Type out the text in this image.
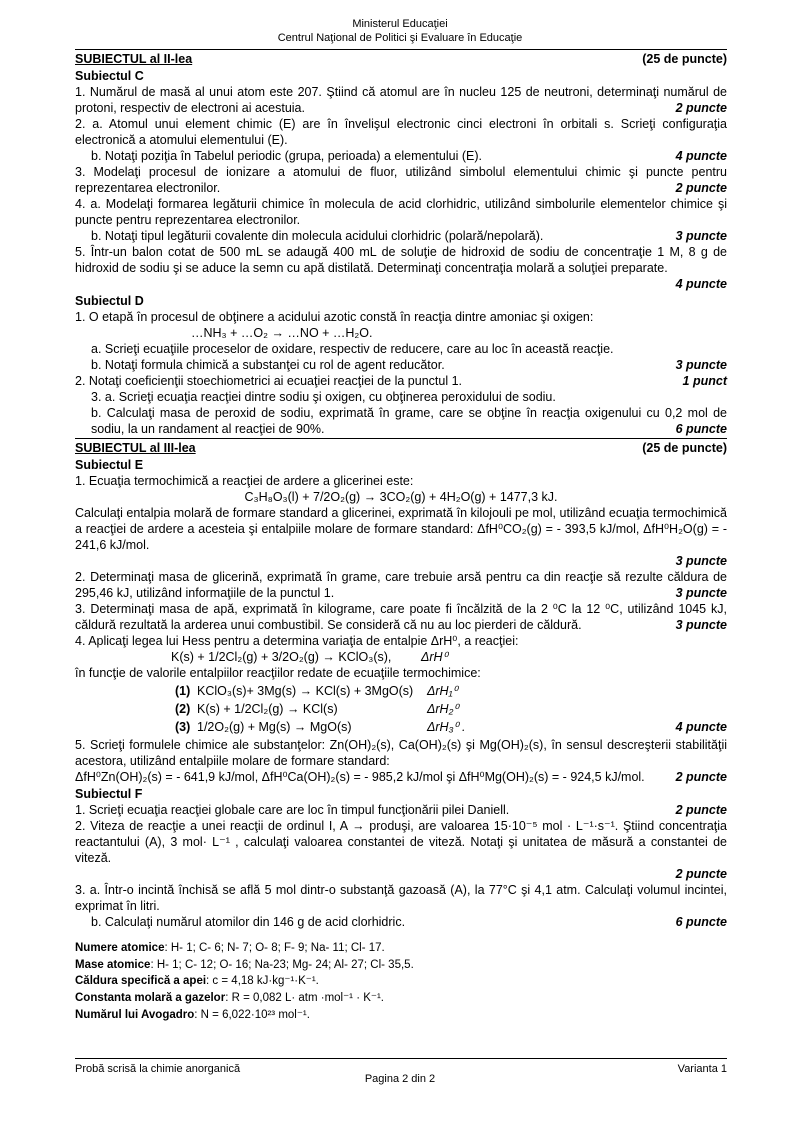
Ministerul Educaţiei
Centrul Naţional de Politici şi Evaluare în Educaţie
SUBIECTUL al II-lea	(25 de puncte)
Subiectul C

1. Numărul de masă al unui atom este 207. Ştiind că atomul are în nucleu 125 de neutroni, determinaţi numărul de protoni, respectiv de electroni ai acestuia.	2 puncte

2. a. Atomul unui element chimic (E) are în învelişul electronic cinci electroni în orbitali s. Scrieţi configuraţia electronică a atomului elementului (E).

b. Notaţi poziţia în Tabelul periodic (grupa, perioada) a elementului (E).	4 puncte

3. Modelaţi procesul de ionizare a atomului de fluor, utilizând simbolul elementului chimic şi puncte pentru reprezentarea electronilor.	2 puncte

4. a. Modelaţi formarea legăturii chimice în molecula de acid clorhidric, utilizând simbolurile elementelor chimice şi puncte pentru reprezentarea electronilor.

b. Notaţi tipul legăturii covalente din molecula acidului clorhidric (polară/nepolară).	3 puncte

5. Într-un balon cotat de 500 mL se adaugă 400 mL de soluţie de hidroxid de sodiu de concentraţie 1 M, 8 g de hidroxid de sodiu şi se aduce la semn cu apă distilată. Determinaţi concentraţia molară a soluţiei preparate.

4 puncte
Subiectul D

1. O etapă în procesul de obţinere a acidului azotic constă în reacţia dintre amoniac şi oxigen:

…NH₃ + …O₂ → …NO + …H₂O.

a. Scrieţi ecuaţiile proceselor de oxidare, respectiv de reducere, care au loc în această reacţie.

b. Notaţi formula chimică a substanţei cu rol de agent reducător.	3 puncte

2. Notaţi coeficienţii stoechiometrici ai ecuaţiei reacţiei de la punctul 1.	1 punct

3. a. Scrieţi ecuaţia reacţiei dintre sodiu şi oxigen, cu obţinerea peroxidului de sodiu.

b. Calculaţi masa de peroxid de sodiu, exprimată în grame, care se obţine în reacţia oxigenului cu 0,2 mol de sodiu, la un randament al reacţiei de 90%.	6 puncte

SUBIECTUL al III-lea	(25 de puncte)
Subiectul E

1. Ecuaţia termochimică a reacţiei de ardere a glicerinei este:

C₃H₈O₃(l) + 7/2O₂(g) → 3CO₂(g) + 4H₂O(g) + 1477,3 kJ.

Calculaţi entalpia molară de formare standard a glicerinei, exprimată în kilojouli pe mol, utilizând ecuaţia termochimică a reacţiei de ardere a acesteia şi entalpiile molare de formare standard: ΔfH⁰CO₂(g) = - 393,5 kJ/mol, ΔfH⁰H₂O(g) = - 241,6 kJ/mol.

3 puncte

2. Determinaţi masa de glicerină, exprimată în grame, care trebuie arsă pentru ca din reacţie să rezulte căldura de 295,46 kJ, utilizând informaţiile de la punctul 1.	3 puncte

3. Determinaţi masa de apă, exprimată în kilograme, care poate fi încălzită de la 2 ⁰C la 12 ⁰C, utilizând 1045 kJ, căldură rezultată la arderea unui combustibil. Se consideră că nu au loc pierderi de căldură.	3 puncte

4. Aplicaţi legea lui Hess pentru a determina variaţia de entalpie ΔrH⁰, a reacţiei:

K(s) + 1/2Cl₂(g) + 3/2O₂(g) → KClO₃(s),	ΔrH⁰

în funcţie de valorile entalpiilor reacţiilor redate de ecuaţiile termochimice:

(1) KClO₃(s)+ 3Mg(s) → KCl(s) + 3MgO(s)	ΔrH₁⁰
(2) K(s) + 1/2Cl₂(g) → KCl(s)	ΔrH₂⁰
(3) 1/2O₂(g) + Mg(s) → MgO(s)	ΔrH₃⁰ .	4 puncte

5. Scrieţi formulele chimice ale substanţelor: Zn(OH)₂(s), Ca(OH)₂(s) şi Mg(OH)₂(s), în sensul descreşterii stabilităţii acestora, utilizând entalpiile molare de formare standard:

ΔfH⁰Zn(OH)₂(s) = - 641,9 kJ/mol, ΔfH⁰Ca(OH)₂(s) = - 985,2 kJ/mol şi ΔfH⁰Mg(OH)₂(s) = - 924,5 kJ/mol. 2 puncte

Subiectul F

1. Scrieţi ecuaţia reacţiei globale care are loc în timpul funcţionării pilei Daniell.	2 puncte

2. Viteza de reacţie a unei reacţii de ordinul I, A → produşi, are valoarea 15·10⁻⁵ mol · L⁻¹·s⁻¹. Ştiind concentraţia reactantului (A), 3 mol· L⁻¹ , calculaţi valoarea constantei de viteză. Notaţi şi unitatea de măsură a constantei de viteză.

2 puncte

3. a. Într-o incintă închisă se află 5 mol dintr-o substanţă gazoasă (A), la 77°C şi 4,1 atm. Calculaţi volumul incintei, exprimat în litri.

b. Calculaţi numărul atomilor din 146 g de acid clorhidric.	6 puncte

Numere atomice: H- 1; C- 6; N- 7; O- 8; F- 9; Na- 11; Cl- 17.
Mase atomice: H- 1; C- 12; O- 16; Na-23; Mg- 24; Al- 27; Cl- 35,5.
Căldura specifică a apei: c = 4,18 kJ·kg⁻¹·K⁻¹.
Constanta molară a gazelor: R = 0,082 L· atm ·mol⁻¹ · K⁻¹.
Numărul lui Avogadro: N = 6,022·10²³ mol⁻¹.
Probă scrisă la chimie anorganică	Varianta 1
Pagina 2 din 2
